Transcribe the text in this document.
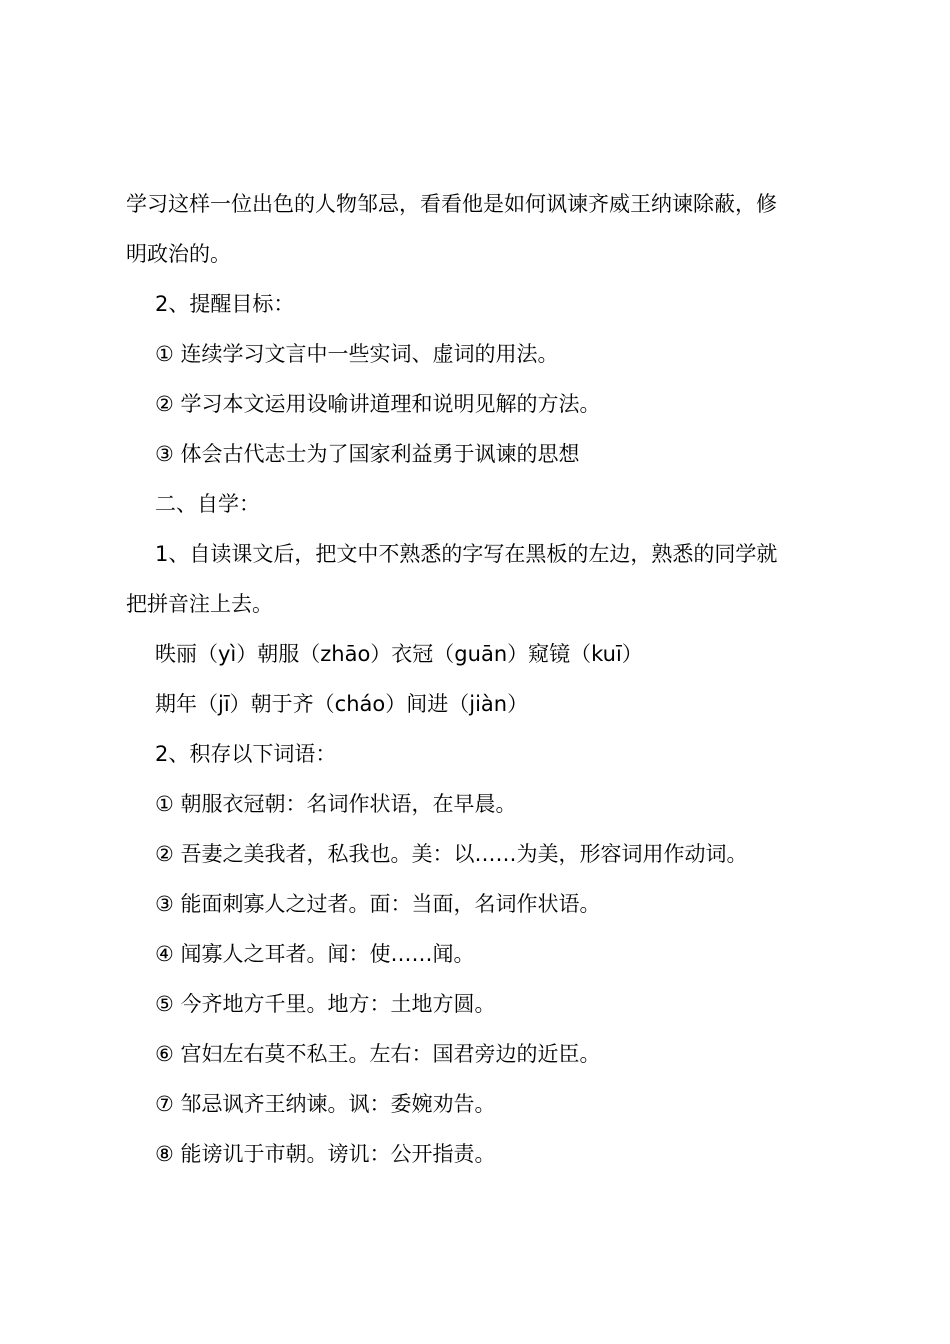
学习这样一位出色的人物邹忌，看看他是如何讽谏齐威王纳谏除蔽，修
明政治的。
2、提醒目标：
① 连续学习文言中一些实词、虚词的用法。
② 学习本文运用设喻讲道理和说明见解的方法。
③ 体会古代志士为了国家利益勇于讽谏的思想
二、自学：
1、自读课文后，把文中不熟悉的字写在黑板的左边，熟悉的同学就
把拼音注上去。
昳丽（yì）朝服（zhāo）衣冠（guān）窥镜（kuī）
期年（jī）朝于齐（cháo）间进（jiàn）
2、积存以下词语：
① 朝服衣冠朝：名词作状语，在早晨。
② 吾妻之美我者，私我也。美：以……为美，形容词用作动词。
③ 能面刺寡人之过者。面：当面，名词作状语。
④ 闻寡人之耳者。闻：使……闻。
⑤ 今齐地方千里。地方：土地方圆。
⑥ 宫妇左右莫不私王。左右：国君旁边的近臣。
⑦ 邹忌讽齐王纳谏。讽：委婉劝告。
⑧ 能谤讥于市朝。谤讥：公开指责。
